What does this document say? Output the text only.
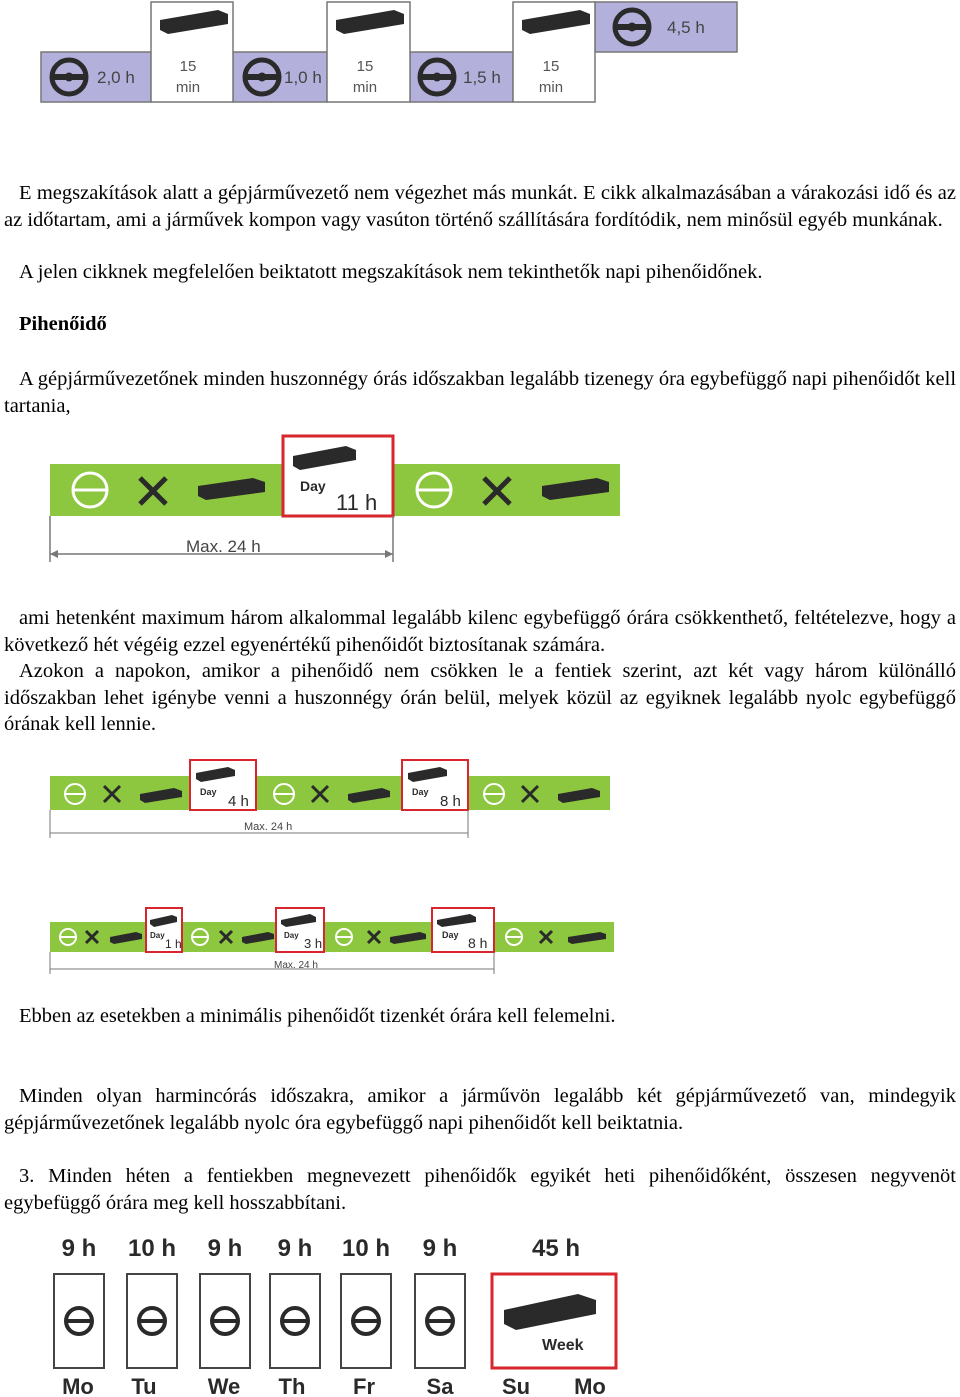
2,0 h	1,0 h	1,5 h
4,5 h
15
min
15
min
15
min

E megszakítások alatt a gépjárművezető nem végezhet más munkát. E cikk alkalmazásában a várakozási idő és az az időtartam, ami a járművek kompon vagy vasúton történő szállítására fordítódik, nem minősül egyéb munkának.

A jelen cikknek megfelelően beiktatott megszakítások nem tekinthetők napi pihenőidőnek.

Pihenőidő

A gépjárművezetőnek minden huszonnégy órás időszakban legalább tizenegy óra egybefüggő napi pihenőidőt kell tartania,

Day
11 h
Max. 24 h

ami hetenként maximum három alkalommal legalább kilenc egybefüggő órára csökkenthető, feltételezve, hogy a következő hét végéig ezzel egyenértékű pihenőidőt biztosítanak számára.

Azokon a napokon, amikor a pihenőidő nem csökken le a fentiek szerint, azt két vagy három különálló időszakban lehet igénybe venni a huszonnégy órán belül, melyek közül az egyiknek legalább nyolc egybefüggő órának kell lennie.

Day
4 h
Day
8 h
Max. 24 h
Day
1 h
Day
3 h
Day 8 h
Max. 24 h

Ebben az esetekben a minimális pihenőidőt tizenkét órára kell felemelni.

Minden olyan harmincórás időszakra, amikor a járművön legalább két gépjárművezető van, mindegyik gépjárművezetőnek legalább nyolc óra egybefüggő napi pihenőidőt kell beiktatnia.

3. Minden héten a fentiekben megnevezett pihenőidők egyikét heti pihenőidőként, összesen negyvenöt egybefüggő órára meg kell hosszabbítani.

9 h 10 h 9 h 9 h 10 h 9 h
Mo Tu We Th Fr Sa Su Mo
Week
45 h
